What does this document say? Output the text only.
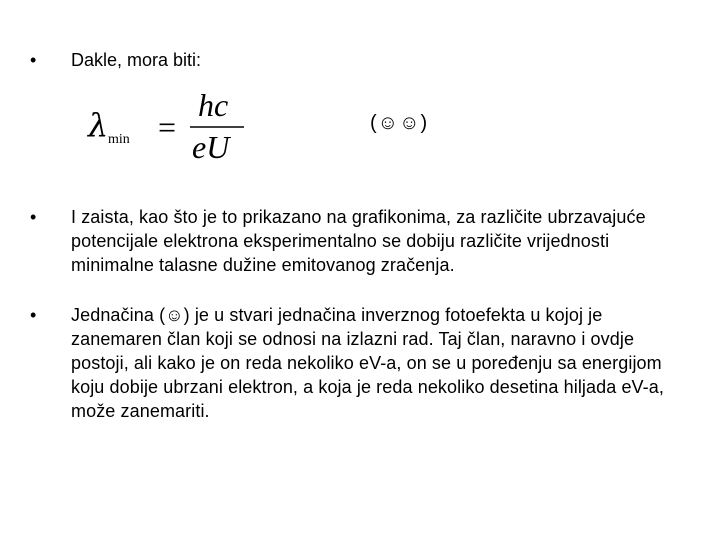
•	Dakle, mora biti:
λ min =
hc
eU
(☺☺)
•	I zaista, kao što je to prikazano na grafikonima, za različite ubrzavajuće potencijale elektrona eksperimentalno se dobiju različite vrijednosti minimalne talasne dužine emitovanog zračenja.
•	Jednačina (☺) je u stvari jednačina inverznog fotoefekta u kojoj je zanemaren član koji se odnosi na izlazni rad. Taj član, naravno i ovdje postoji, ali kako je on reda nekoliko eV-a, on se u poređenju sa energijom koju dobije ubrzani elektron, a koja je reda nekoliko desetina hiljada eV-a, može zanemariti.
